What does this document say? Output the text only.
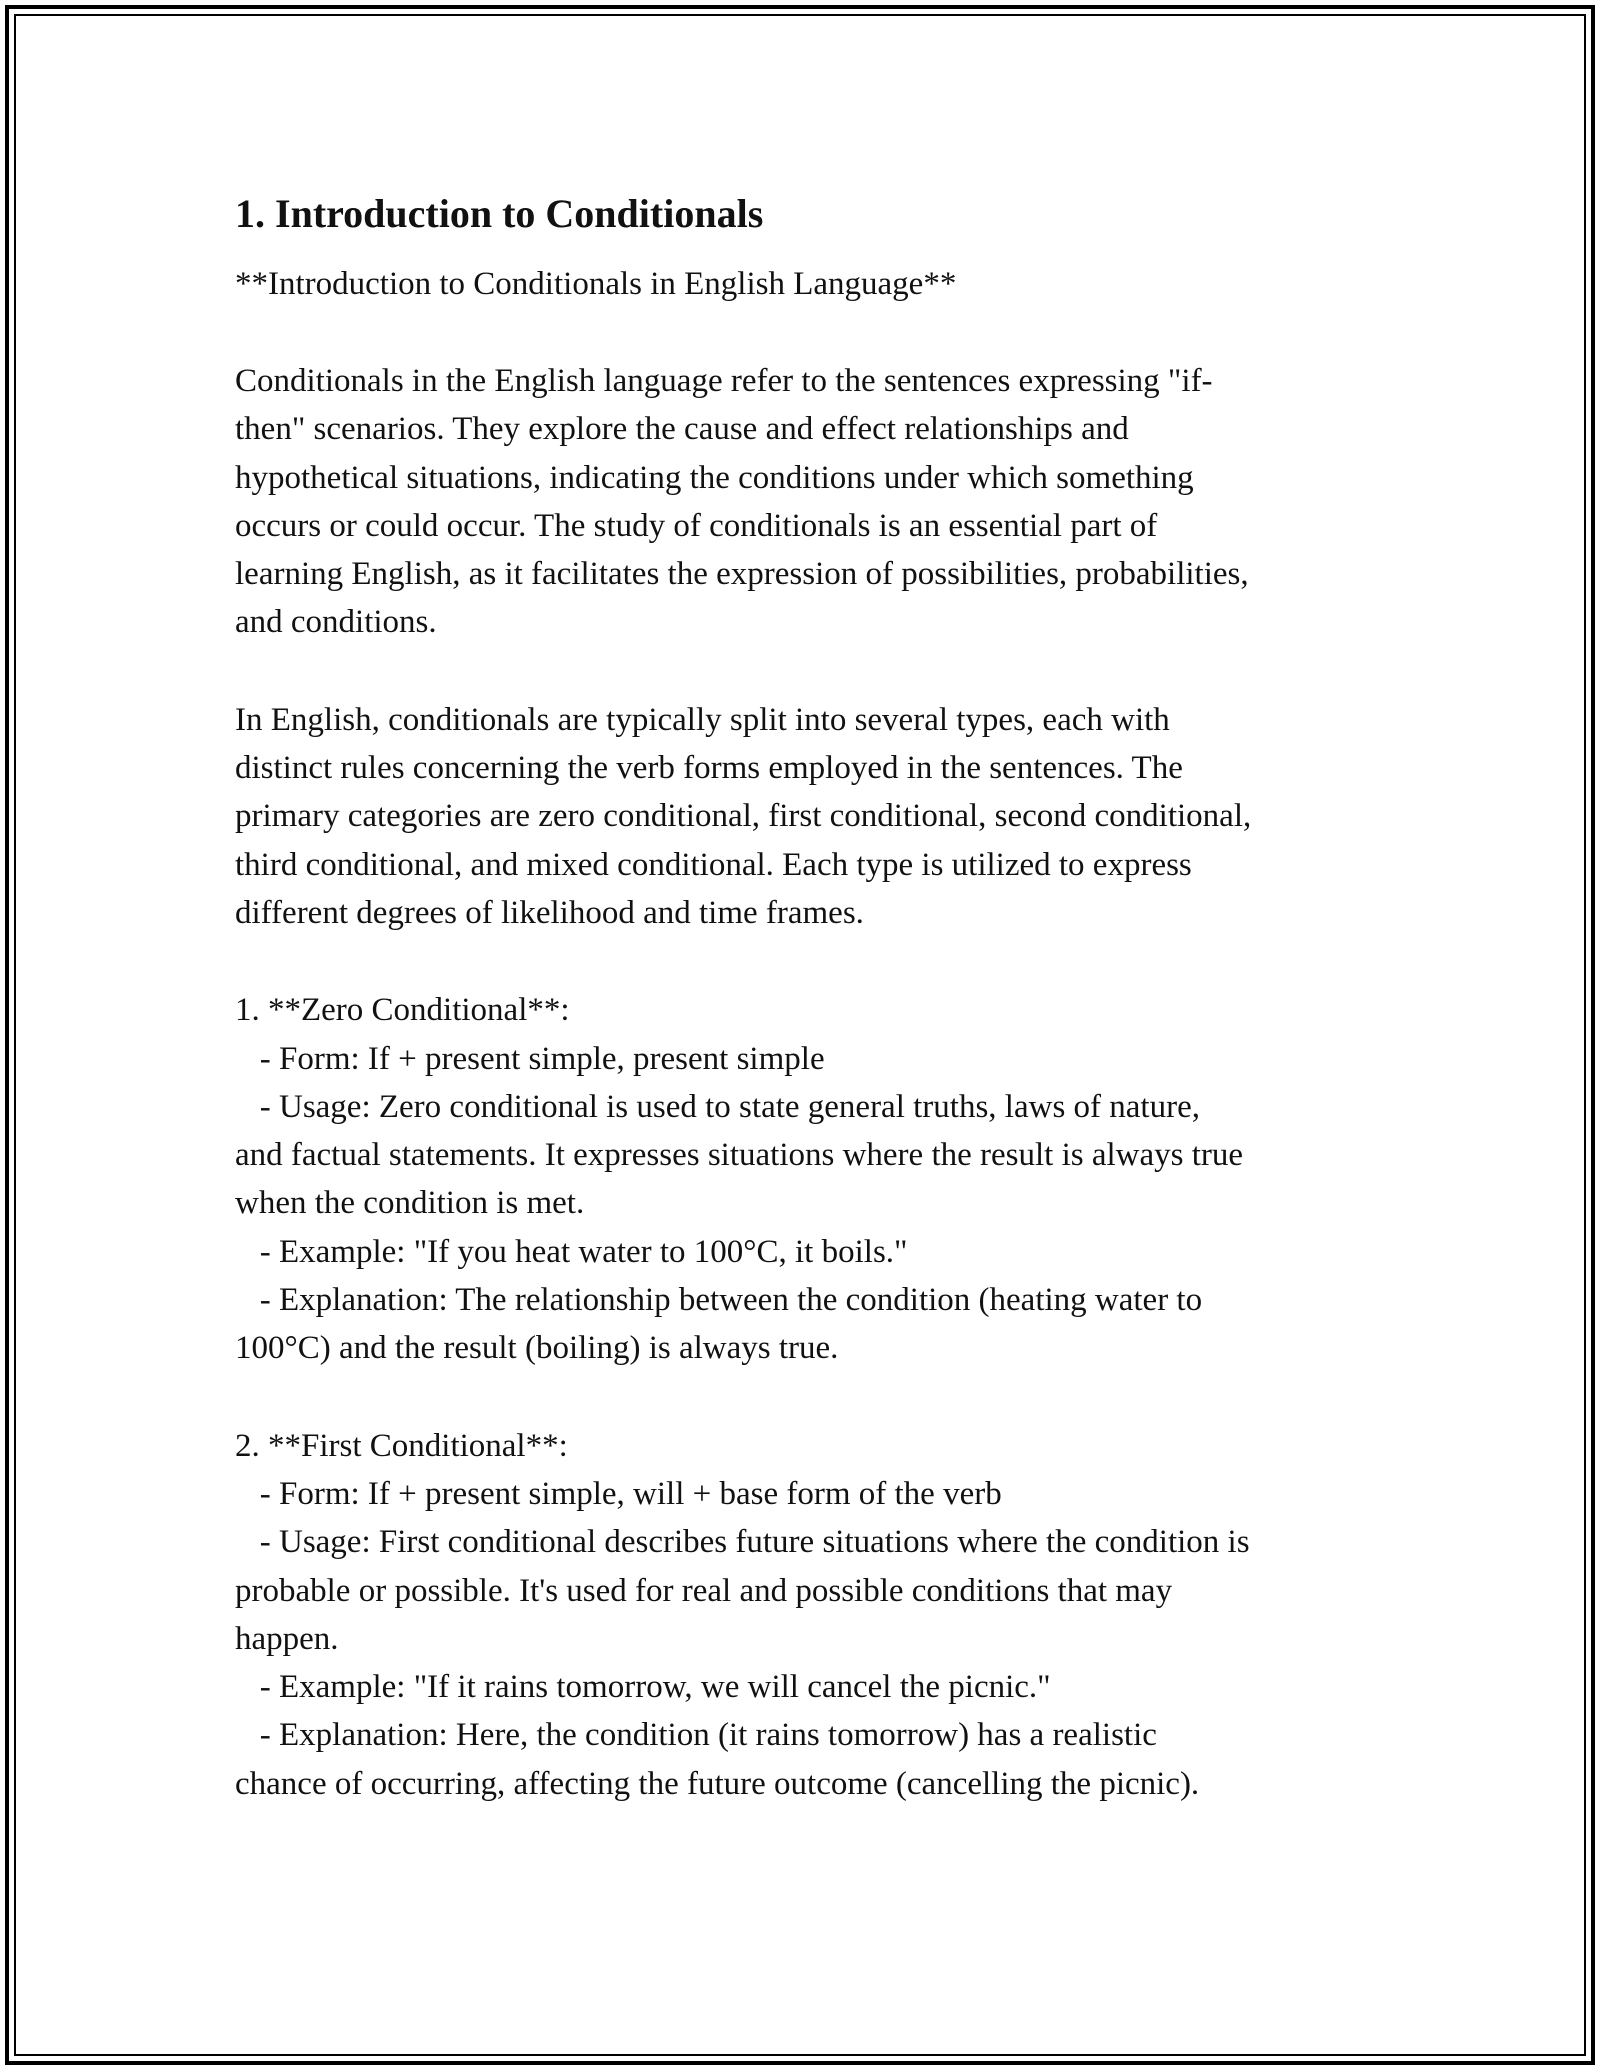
1. Introduction to Conditionals

**Introduction to Conditionals in English Language**

Conditionals in the English language refer to the sentences expressing "if-
then" scenarios. They explore the cause and effect relationships and
hypothetical situations, indicating the conditions under which something
occurs or could occur. The study of conditionals is an essential part of
learning English, as it facilitates the expression of possibilities, probabilities,
and conditions.

In English, conditionals are typically split into several types, each with
distinct rules concerning the verb forms employed in the sentences. The
primary categories are zero conditional, first conditional, second conditional,
third conditional, and mixed conditional. Each type is utilized to express
different degrees of likelihood and time frames.

1. **Zero Conditional**:
- Form: If + present simple, present simple
- Usage: Zero conditional is used to state general truths, laws of nature,
and factual statements. It expresses situations where the result is always true
when the condition is met.
- Example: "If you heat water to 100°C, it boils."
- Explanation: The relationship between the condition (heating water to
100°C) and the result (boiling) is always true.

2. **First Conditional**:
- Form: If + present simple, will + base form of the verb
- Usage: First conditional describes future situations where the condition is
probable or possible. It's used for real and possible conditions that may
happen.
- Example: "If it rains tomorrow, we will cancel the picnic."
- Explanation: Here, the condition (it rains tomorrow) has a realistic
chance of occurring, affecting the future outcome (cancelling the picnic).
